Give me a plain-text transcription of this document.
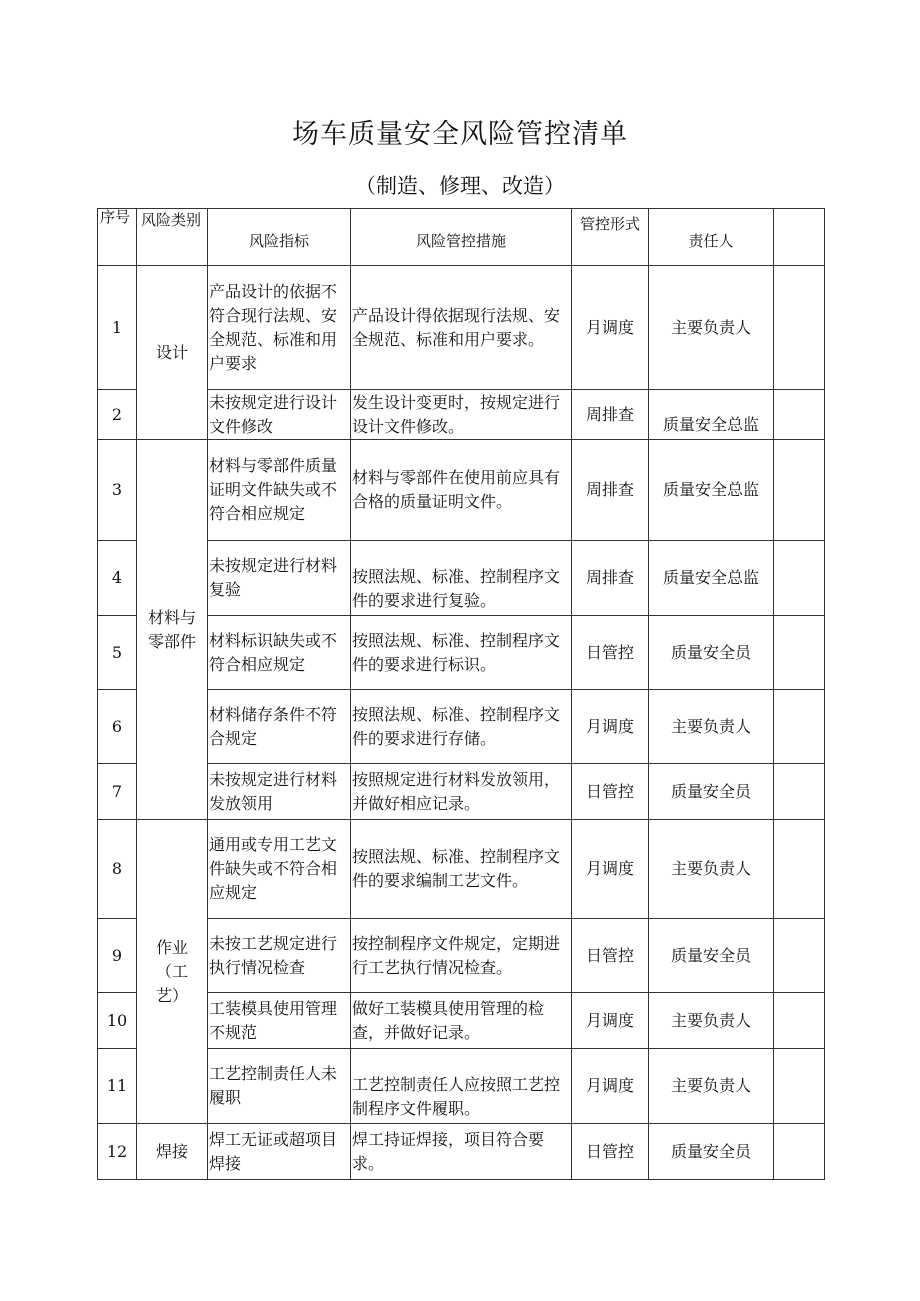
场车质量安全风险管控清单
（制造、修理、改造）
序号	风险类别	风险指标	风险管控措施	管控形式	责任人	
1	设计	产品设计的依据不符合现行法规、安全规范、标准和用户要求	产品设计得依据现行法规、安全规范、标准和用户要求。	月调度	主要负责人	
2		未按规定进行设计文件修改	发生设计变更时，按规定进行设计文件修改。	周排查	质量安全总监	
3	材料与零部件	材料与零部件质量证明文件缺失或不符合相应规定	材料与零部件在使用前应具有合格的质量证明文件。	周排查	质量安全总监	
4		未按规定进行材料复验	按照法规、标准、控制程序文件的要求进行复验。	周排查	质量安全总监	
5		材料标识缺失或不符合相应规定	按照法规、标准、控制程序文件的要求进行标识。	日管控	质量安全员	
6		材料储存条件不符合规定	按照法规、标准、控制程序文件的要求进行存储。	月调度	主要负责人	
7		未按规定进行材料发放领用	按照规定进行材料发放领用，并做好相应记录。	日管控	质量安全员	
8	作业（工艺）	通用或专用工艺文件缺失或不符合相应规定	按照法规、标准、控制程序文件的要求编制工艺文件。	月调度	主要负责人	
9		未按工艺规定进行执行情况检查	按控制程序文件规定，定期进行工艺执行情况检查。	日管控	质量安全员	
10		工装模具使用管理不规范	做好工装模具使用管理的检查，并做好记录。	月调度	主要负责人	
11		工艺控制责任人未履职	工艺控制责任人应按照工艺控制程序文件履职。	月调度	主要负责人	
12	焊接	焊工无证或超项目焊接	焊工持证焊接，项目符合要求。	日管控	质量安全员	
